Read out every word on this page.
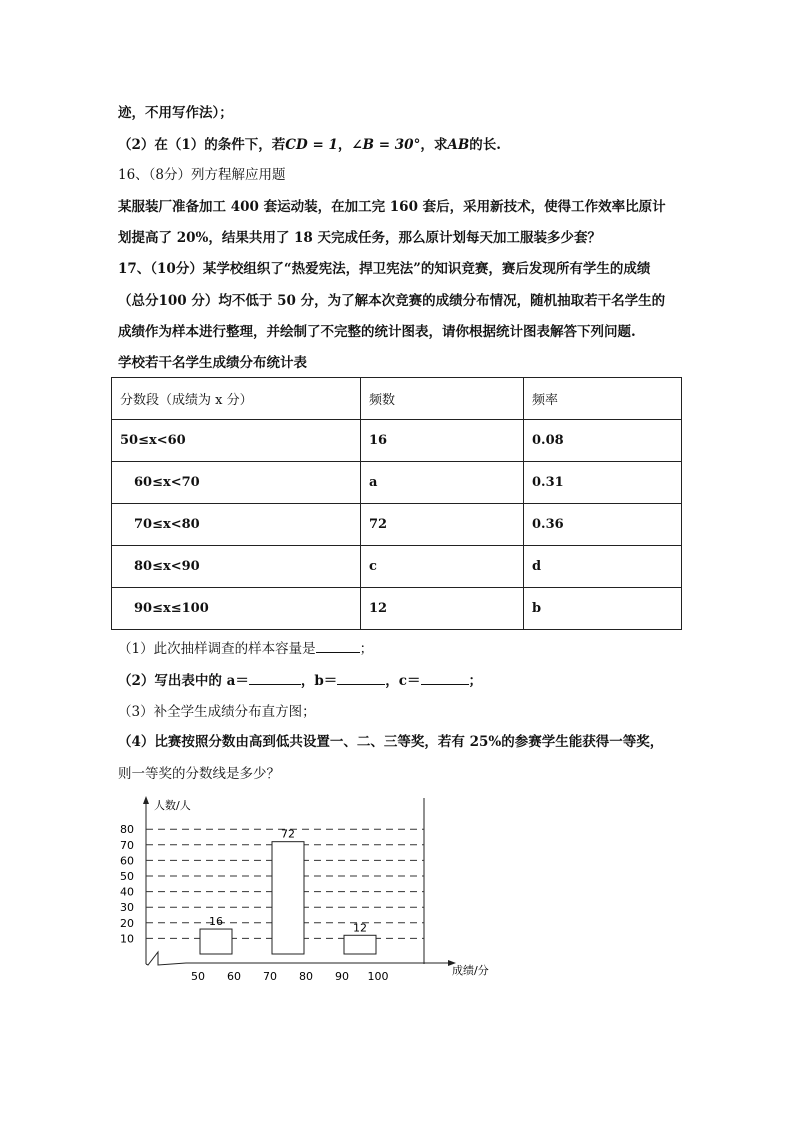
迹，不用写作法）；
（2）在（1）的条件下，若CD = 1，∠B = 30°，求AB的长.
16、（8分）列方程解应用题
某服装厂准备加工 400 套运动装，在加工完 160 套后，采用新技术，使得工作效率比原计
划提高了 20%，结果共用了 18 天完成任务，那么原计划每天加工服装多少套？
17、（10分）某学校组织了“热爱宪法，捍卫宪法”的知识竞赛，赛后发现所有学生的成绩
（总分100 分）均不低于 50 分，为了解本次竞赛的成绩分布情况，随机抽取若干名学生的
成绩作为样本进行整理，并绘制了不完整的统计图表，请你根据统计图表解答下列问题.
学校若干名学生成绩分布统计表
分数段（成绩为 x 分）	频数	频率
50≤x<60	16	0.08
60≤x<70	a	0.31
70≤x<80	72	0.36
80≤x<90	c	d
90≤x≤100	12	b
（1）此次抽样调查的样本容量是	；
（2）写出表中的 a＝	，b＝	，c＝	；
（3）补全学生成绩分布直方图；
（4）比赛按照分数由高到低共设置一、二、三等奖，若有 25%的参赛学生能获得一等奖，
则一等奖的分数线是多少？
人数/人
成绩/分
10
20
30
40
50
60
70
80
50 60 70 80 90 100
16
72
12
